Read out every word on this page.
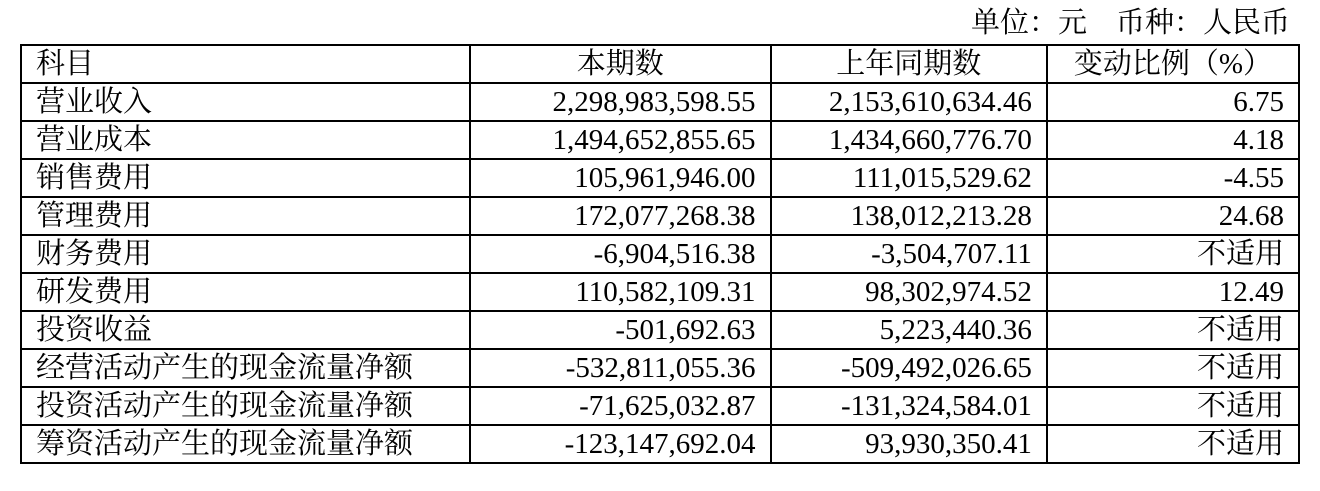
单位：元　币种：人民币
科目	本期数	上年同期数	变动比例（%）
营业收入	2,298,983,598.55	2,153,610,634.46	6.75
营业成本	1,494,652,855.65	1,434,660,776.70	4.18
销售费用	105,961,946.00	111,015,529.62	-4.55
管理费用	172,077,268.38	138,012,213.28	24.68
财务费用	-6,904,516.38	-3,504,707.11	不适用
研发费用	110,582,109.31	98,302,974.52	12.49
投资收益	-501,692.63	5,223,440.36	不适用
经营活动产生的现金流量净额	-532,811,055.36	-509,492,026.65	不适用
投资活动产生的现金流量净额	-71,625,032.87	-131,324,584.01	不适用
筹资活动产生的现金流量净额	-123,147,692.04	93,930,350.41	不适用
